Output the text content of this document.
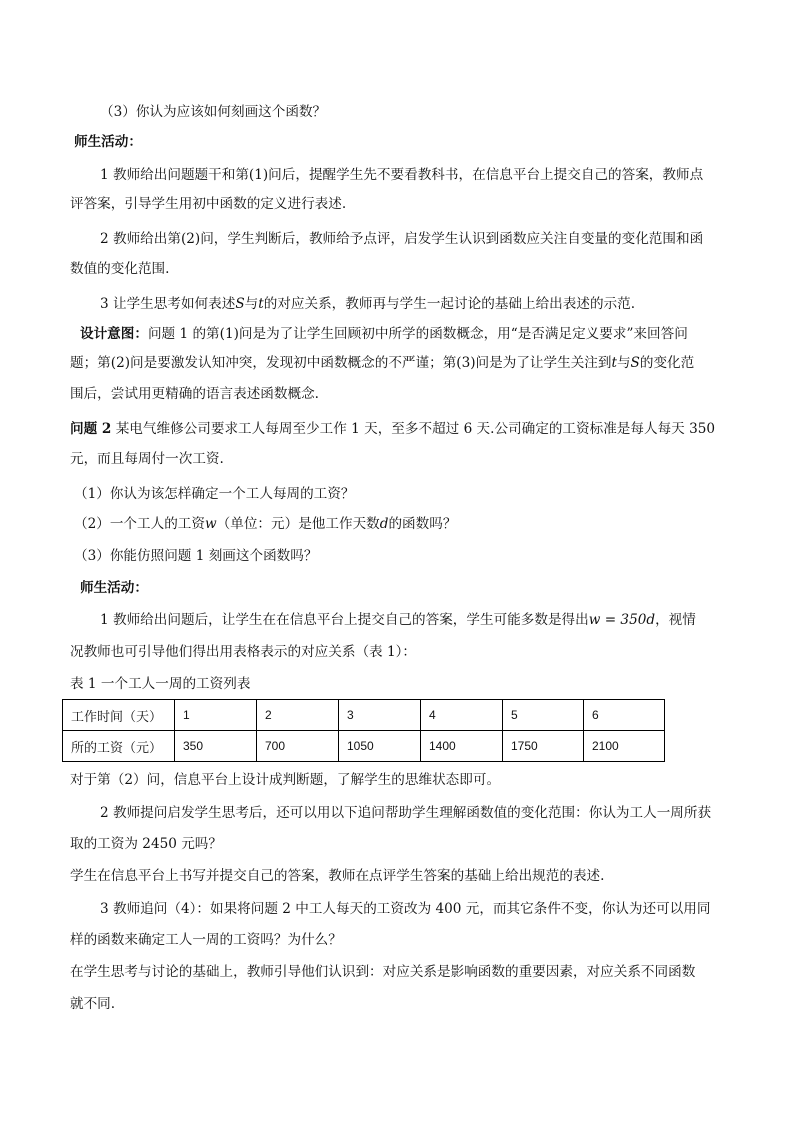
（3）你认为应该如何刻画这个函数？
师生活动：
1 教师给出问题题干和第(1)问后，提醒学生先不要看教科书，在信息平台上提交自己的答案，教师点
评答案，引导学生用初中函数的定义进行表述.
2 教师给出第(2)问，学生判断后，教师给予点评，启发学生认识到函数应关注自变量的变化范围和函
数值的变化范围.
3 让学生思考如何表述S与t的对应关系，教师再与学生一起讨论的基础上给出表述的示范.
设计意图：问题 1 的第(1)问是为了让学生回顾初中所学的函数概念，用“是否满足定义要求”来回答问
题；第(2)问是要激发认知冲突，发现初中函数概念的不严谨；第(3)问是为了让学生关注到t与S的变化范
围后，尝试用更精确的语言表述函数概念.
问题 2 某电气维修公司要求工人每周至少工作 1 天，至多不超过 6 天.公司确定的工资标准是每人每天 350
元，而且每周付一次工资.
（1）你认为该怎样确定一个工人每周的工资？
（2）一个工人的工资w（单位：元）是他工作天数d的函数吗？
（3）你能仿照问题 1 刻画这个函数吗？
师生活动：
1 教师给出问题后，让学生在在信息平台上提交自己的答案，学生可能多数是得出w = 350d，视情
况教师也可引导他们得出用表格表示的对应关系（表 1）：
表 1 一个工人一周的工资列表
工作时间（天）	1	2	3	4	5	6
所的工资（元）	350	700	1050	1400	1750	2100
对于第（2）问，信息平台上设计成判断题，了解学生的思维状态即可。
2 教师提问启发学生思考后，还可以用以下追问帮助学生理解函数值的变化范围：你认为工人一周所获
取的工资为 2450 元吗？
学生在信息平台上书写并提交自己的答案，教师在点评学生答案的基础上给出规范的表述.
3 教师追问（4）：如果将问题 2 中工人每天的工资改为 400 元，而其它条件不变，你认为还可以用同
样的函数来确定工人一周的工资吗？为什么？
在学生思考与讨论的基础上，教师引导他们认识到：对应关系是影响函数的重要因素，对应关系不同函数
就不同.
